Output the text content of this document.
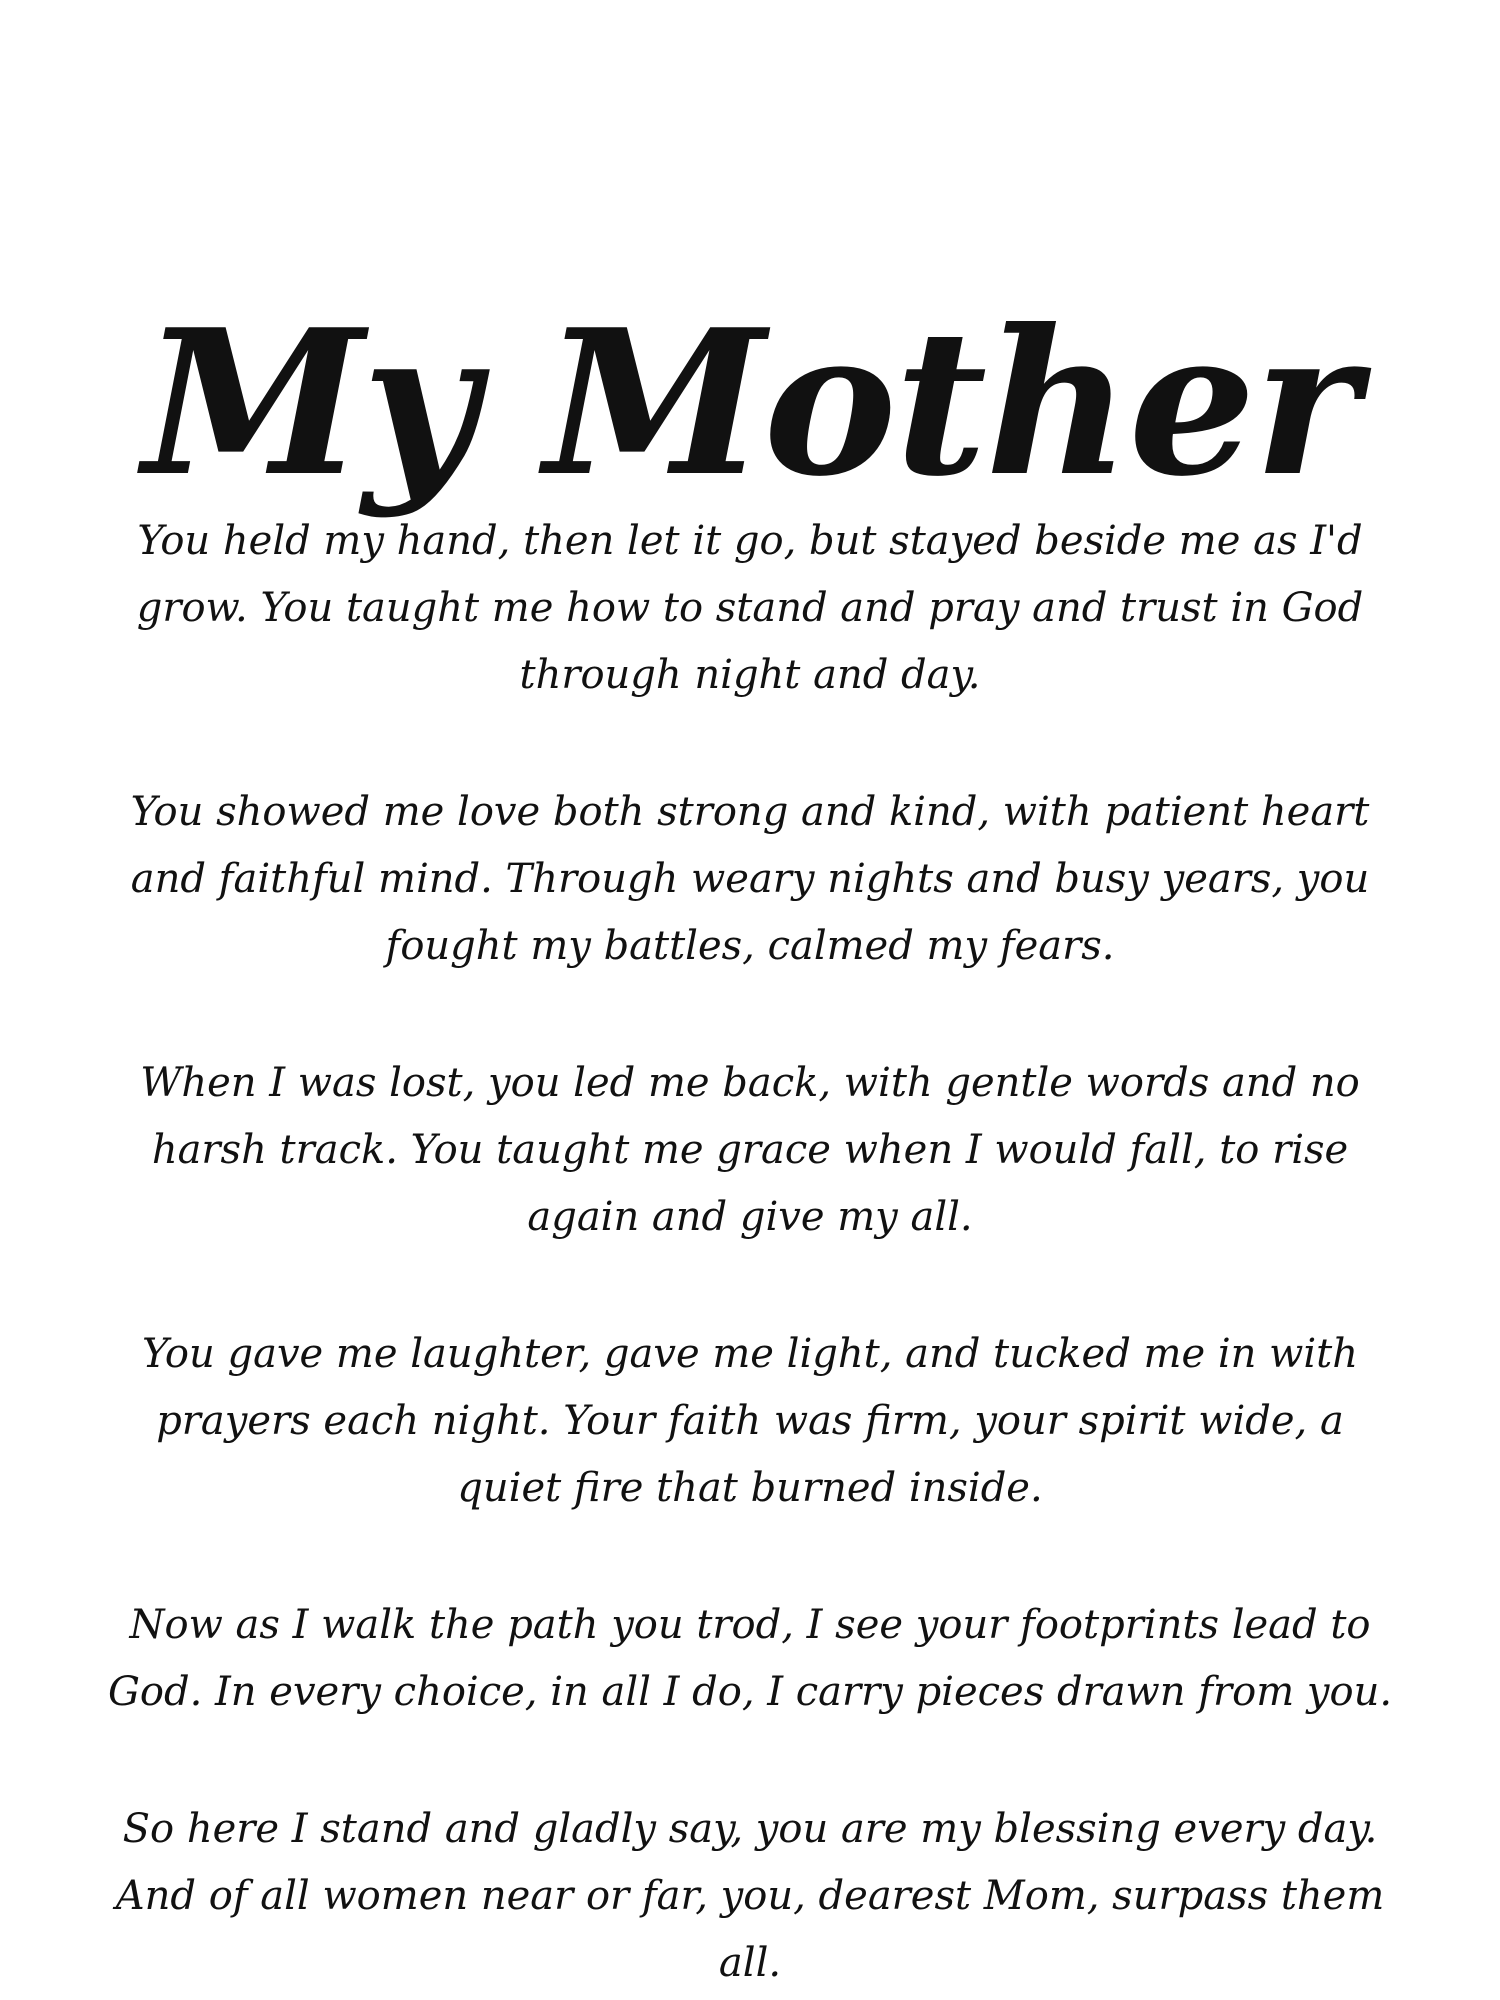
My Mother

You held my hand, then let it go, but stayed beside me as I'd grow. You taught me how to stand and pray and trust in God through night and day.

You showed me love both strong and kind, with patient heart and faithful mind. Through weary nights and busy years, you fought my battles, calmed my fears.

When I was lost, you led me back, with gentle words and no harsh track. You taught me grace when I would fall, to rise again and give my all.

You gave me laughter, gave me light, and tucked me in with prayers each night. Your faith was firm, your spirit wide, a quiet fire that burned inside.

Now as I walk the path you trod, I see your footprints lead to God. In every choice, in all I do, I carry pieces drawn from you.

So here I stand and gladly say, you are my blessing every day. And of all women near or far, you, dearest Mom, surpass them all.
